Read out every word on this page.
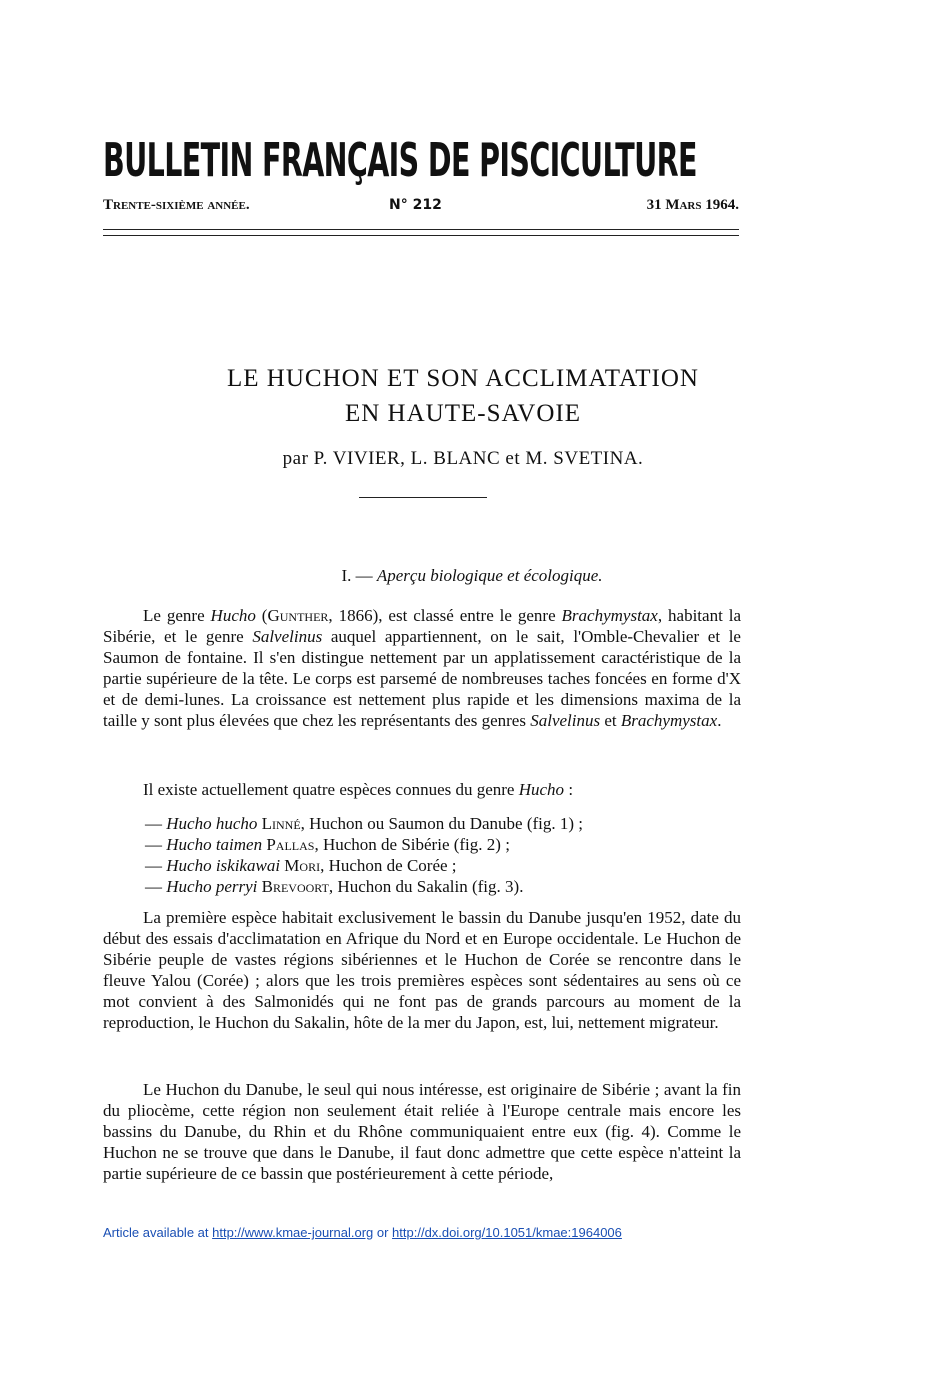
BULLETIN FRANÇAIS DE PISCICULTURE
Trente-sixième année.	N° 212	31 Mars 1964.
LE HUCHON ET SON ACCLIMATATION
EN HAUTE-SAVOIE
par P. VIVIER, L. BLANC et M. SVETINA.
I. — Aperçu biologique et écologique.
Le genre Hucho (Gunther, 1866), est classé entre le genre Brachymystax, habitant la Sibérie, et le genre Salvelinus auquel appartiennent, on le sait, l'Omble-Chevalier et le Saumon de fontaine. Il s'en distingue nettement par un applatissement caractéristique de la partie supérieure de la tête. Le corps est parsemé de nombreuses taches foncées en forme d'X et de demi-lunes. La croissance est nettement plus rapide et les dimensions maxima de la taille y sont plus élevées que chez les représentants des genres Salvelinus et Brachymystax.
Il existe actuellement quatre espèces connues du genre Hucho :
— Hucho hucho Linné, Huchon ou Saumon du Danube (fig. 1) ;
— Hucho taimen Pallas, Huchon de Sibérie (fig. 2) ;
— Hucho iskikawai Mori, Huchon de Corée ;
— Hucho perryi Brevoort, Huchon du Sakalin (fig. 3).
La première espèce habitait exclusivement le bassin du Danube jusqu'en 1952, date du début des essais d'acclimatation en Afrique du Nord et en Europe occidentale. Le Huchon de Sibérie peuple de vastes régions sibériennes et le Huchon de Corée se rencontre dans le fleuve Yalou (Corée) ; alors que les trois premières espèces sont sédentaires au sens où ce mot convient à des Salmonidés qui ne font pas de grands parcours au moment de la reproduction, le Huchon du Sakalin, hôte de la mer du Japon, est, lui, nettement migrateur.
Le Huchon du Danube, le seul qui nous intéresse, est originaire de Sibérie ; avant la fin du pliocème, cette région non seulement était reliée à l'Europe centrale mais encore les bassins du Danube, du Rhin et du Rhône communiquaient entre eux (fig. 4). Comme le Huchon ne se trouve que dans le Danube, il faut donc admettre que cette espèce n'atteint la partie supérieure de ce bassin que postérieurement à cette période,
Article available at http://www.kmae-journal.org or http://dx.doi.org/10.1051/kmae:1964006
